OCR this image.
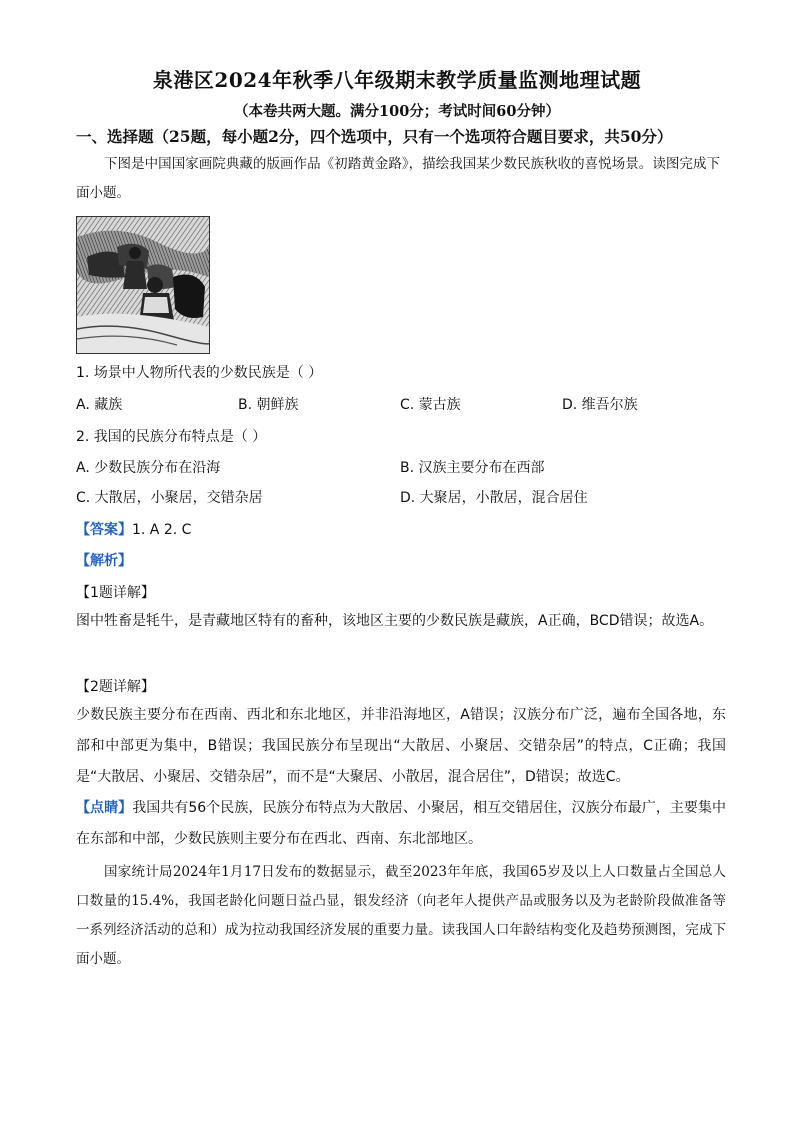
泉港区2024年秋季八年级期末教学质量监测地理试题
（本卷共两大题。满分100分；考试时间60分钟）
一、选择题（25题，每小题2分，四个选项中，只有一个选项符合题目要求，共50分）
下图是中国国家画院典藏的版画作品《初踏黄金路》，描绘我国某少数民族秋收的喜悦场景。读图完成下面小题。
1. 场景中人物所代表的少数民族是（ ）
A. 藏族	B. 朝鲜族	C. 蒙古族	D. 维吾尔族
2. 我国的民族分布特点是（ ）
A. 少数民族分布在沿海	B. 汉族主要分布在西部
C. 大散居，小聚居，交错杂居	D. 大聚居，小散居，混合居住
【答案】1. A 2. C
【解析】
【1题详解】
图中牲畜是牦牛，是青藏地区特有的畜种，该地区主要的少数民族是藏族，A正确，BCD错误；故选A。
【2题详解】
少数民族主要分布在西南、西北和东北地区，并非沿海地区，A错误；汉族分布广泛，遍布全国各地，东部和中部更为集中，B错误；我国民族分布呈现出“大散居、小聚居、交错杂居”的特点，C正确；我国是“大散居、小聚居、交错杂居”，而不是“大聚居、小散居，混合居住”，D错误；故选C。
【点睛】我国共有56个民族，民族分布特点为大散居、小聚居，相互交错居住，汉族分布最广，主要集中在东部和中部，少数民族则主要分布在西北、西南、东北部地区。
国家统计局2024年1月17日发布的数据显示，截至2023年年底，我国65岁及以上人口数量占全国总人口数量的15.4%，我国老龄化问题日益凸显，银发经济（向老年人提供产品或服务以及为老龄阶段做准备等一系列经济活动的总和）成为拉动我国经济发展的重要力量。读我国人口年龄结构变化及趋势预测图，完成下面小题。
